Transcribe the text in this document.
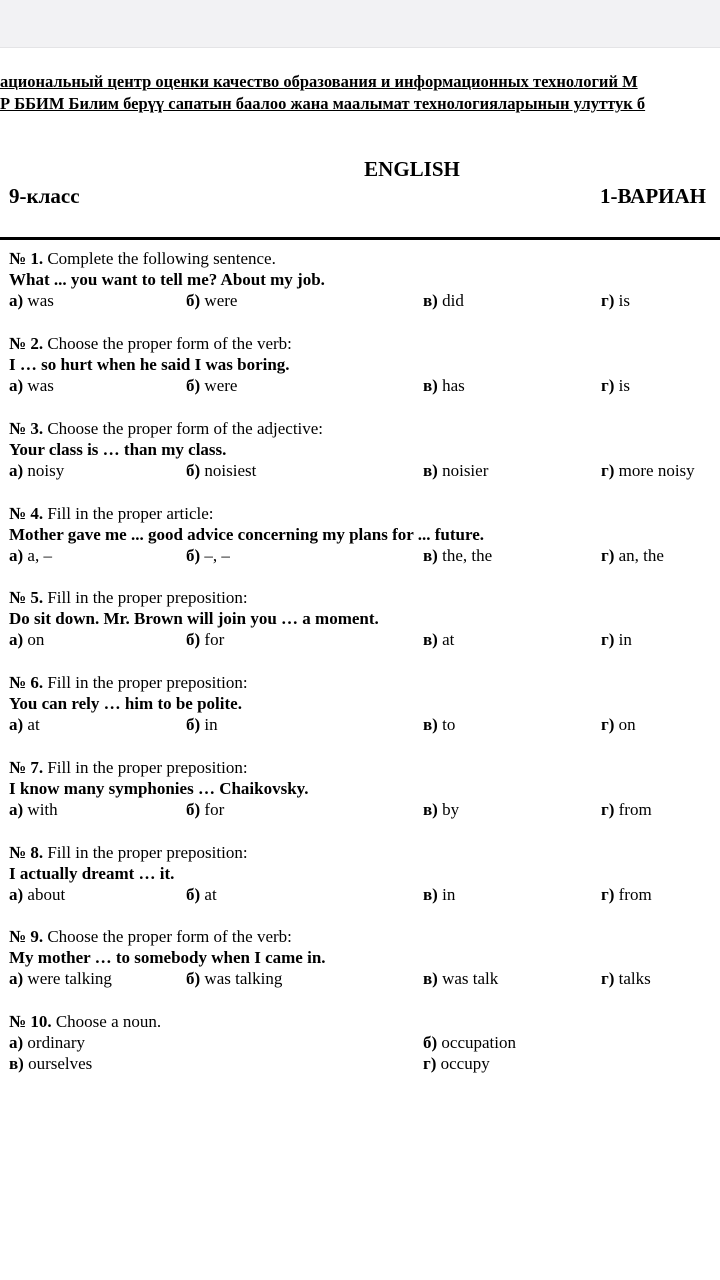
ациональный центр оценки качество образования и информационных технологий М
Р ББИМ Билим берүү сапатын баалоо жана маалымат технологияларынын улуттук б
ENGLISH
9-класс	1-ВАРИАН
№ 1. Complete the following sentence.
What ... you want to tell me? About my job.
а) was	б) were	в) did	г) is
№ 2. Choose the proper form of the verb:
I … so hurt when he said I was boring.
а) was	б) were	в) has	г) is
№ 3. Choose the proper form of the adjective:
Your class is … than my class.
а) noisy	б) noisiest	в) noisier	г) more noisy
№ 4. Fill in the proper article:
Mother gave me ... good advice concerning my plans for ... future.
а) a, –	б) –, –	в) the, the	г) an, the
№ 5. Fill in the proper preposition:
Do sit down. Mr. Brown will join you … a moment.
а) on	б) for	в) at	г) in
№ 6. Fill in the proper preposition:
You can rely … him to be polite.
а) at	б) in	в) to	г) on
№ 7. Fill in the proper preposition:
I know many symphonies … Chaikovsky.
а) with	б) for	в) by	г) from
№ 8. Fill in the proper preposition:
I actually dreamt … it.
а) about	б) at	в) in	г) from
№ 9. Choose the proper form of the verb:
My mother … to somebody when I came in.
а) were talking	б) was talking	в) was talk	г) talks
№ 10. Choose a noun.
а) ordinary	б) occupation
в) ourselves	г) occupy
